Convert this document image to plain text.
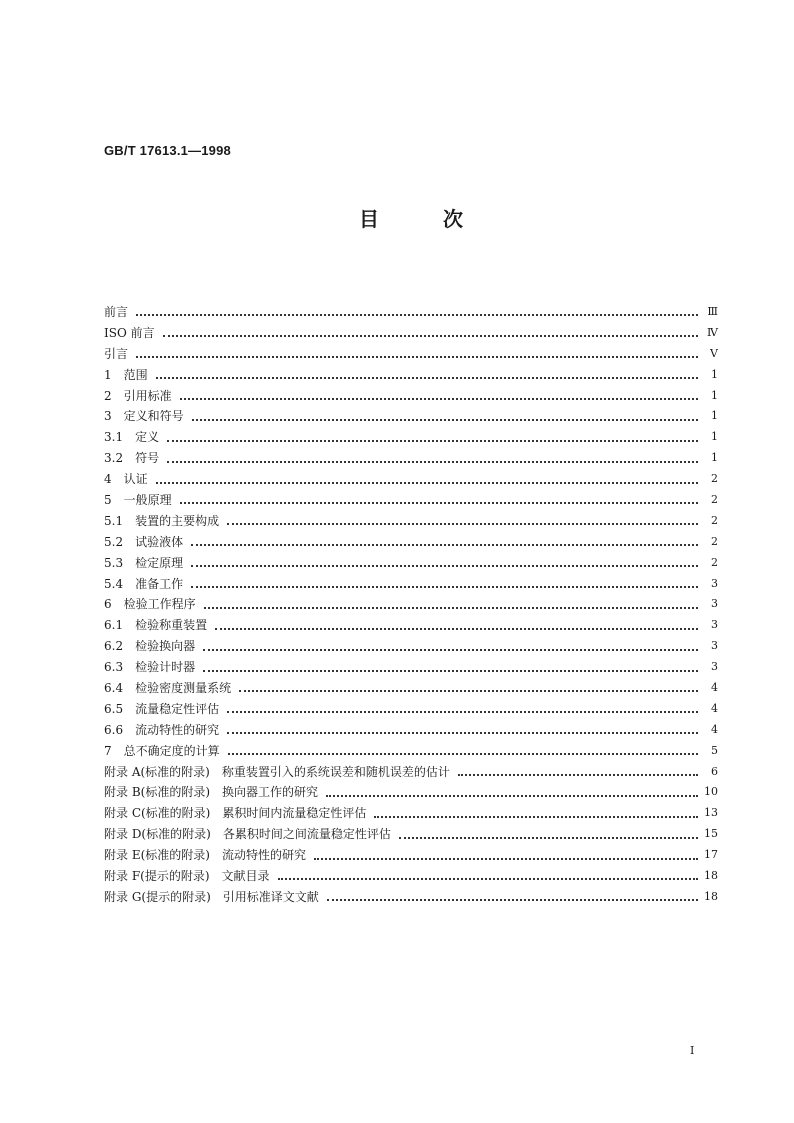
GB/T 17613.1—1998
目次
前言	Ⅲ
ISO 前言	Ⅳ
引言	Ⅴ
1 范围	1
2 引用标准	1
3 定义和符号	1
3.1 定义	1
3.2 符号	1
4 认证	2
5 一般原理	2
5.1 装置的主要构成	2
5.2 试验液体	2
5.3 检定原理	2
5.4 准备工作	3
6 检验工作程序	3
6.1 检验称重装置	3
6.2 检验换向器	3
6.3 检验计时器	3
6.4 检验密度测量系统	4
6.5 流量稳定性评估	4
6.6 流动特性的研究	4
7 总不确定度的计算	5
附录 A(标准的附录) 称重装置引入的系统误差和随机误差的估计	6
附录 B(标准的附录) 换向器工作的研究	10
附录 C(标准的附录) 累积时间内流量稳定性评估	13
附录 D(标准的附录) 各累积时间之间流量稳定性评估	15
附录 E(标准的附录) 流动特性的研究	17
附录 F(提示的附录) 文献目录	18
附录 G(提示的附录) 引用标准译文文献	18
I
